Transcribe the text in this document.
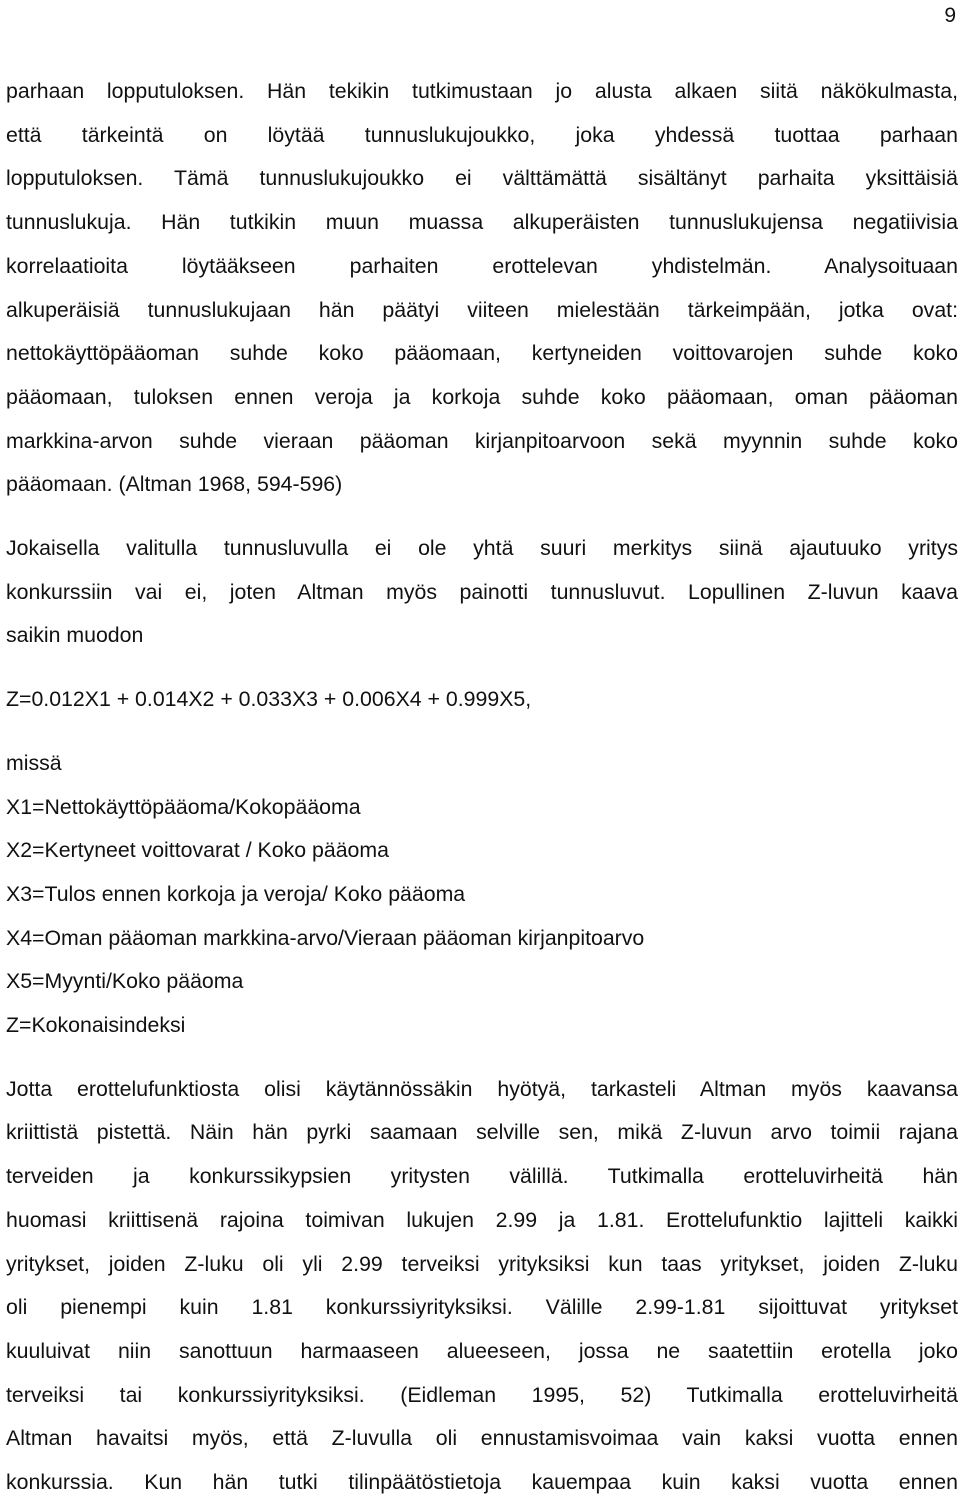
9

parhaan lopputuloksen. Hän tekikin tutkimustaan jo alusta alkaen siitä näkökulmasta,
että tärkeintä on löytää tunnuslukujoukko, joka yhdessä tuottaa parhaan
lopputuloksen. Tämä tunnuslukujoukko ei välttämättä sisältänyt parhaita yksittäisiä
tunnuslukuja. Hän tutkikin muun muassa alkuperäisten tunnuslukujensa negatiivisia
korrelaatioita löytääkseen parhaiten erottelevan yhdistelmän. Analysoituaan
alkuperäisiä tunnuslukujaan hän päätyi viiteen mielestään tärkeimpään, jotka ovat:
nettokäyttöpääoman suhde koko pääomaan, kertyneiden voittovarojen suhde koko
pääomaan, tuloksen ennen veroja ja korkoja suhde koko pääomaan, oman pääoman
markkina-arvon suhde vieraan pääoman kirjanpitoarvoon sekä myynnin suhde koko
pääomaan. (Altman 1968, 594-596)

Jokaisella valitulla tunnusluvulla ei ole yhtä suuri merkitys siinä ajautuuko yritys
konkurssiin vai ei, joten Altman myös painotti tunnusluvut. Lopullinen Z-luvun kaava
saikin muodon

Z=0.012X1 + 0.014X2 + 0.033X3 + 0.006X4 + 0.999X5,

missä

X1=Nettokäyttöpääoma/Kokopääoma
X2=Kertyneet voittovarat / Koko pääoma
X3=Tulos ennen korkoja ja veroja/ Koko pääoma
X4=Oman pääoman markkina-arvo/Vieraan pääoman kirjanpitoarvo
X5=Myynti/Koko pääoma
Z=Kokonaisindeksi

Jotta erottelufunktiosta olisi käytännössäkin hyötyä, tarkasteli Altman myös kaavansa
kriittistä pistettä. Näin hän pyrki saamaan selville sen, mikä Z-luvun arvo toimii rajana
terveiden ja konkurssikypsien yritysten välillä. Tutkimalla erotteluvirheitä hän
huomasi kriittisenä rajoina toimivan lukujen 2.99 ja 1.81. Erottelufunktio lajitteli kaikki
yritykset, joiden Z-luku oli yli 2.99 terveiksi yrityksiksi kun taas yritykset, joiden Z-luku
oli pienempi kuin 1.81 konkurssiyrityksiksi. Välille 2.99-1.81 sijoittuvat yritykset
kuuluivat niin sanottuun harmaaseen alueeseen, jossa ne saatettiin erotella joko
terveiksi tai konkurssiyrityksiksi. (Eidleman 1995, 52) Tutkimalla erotteluvirheitä
Altman havaitsi myös, että Z-luvulla oli ennustamisvoimaa vain kaksi vuotta ennen
konkurssia. Kun hän tutki tilinpäätöstietoja kauempaa kuin kaksi vuotta ennen
